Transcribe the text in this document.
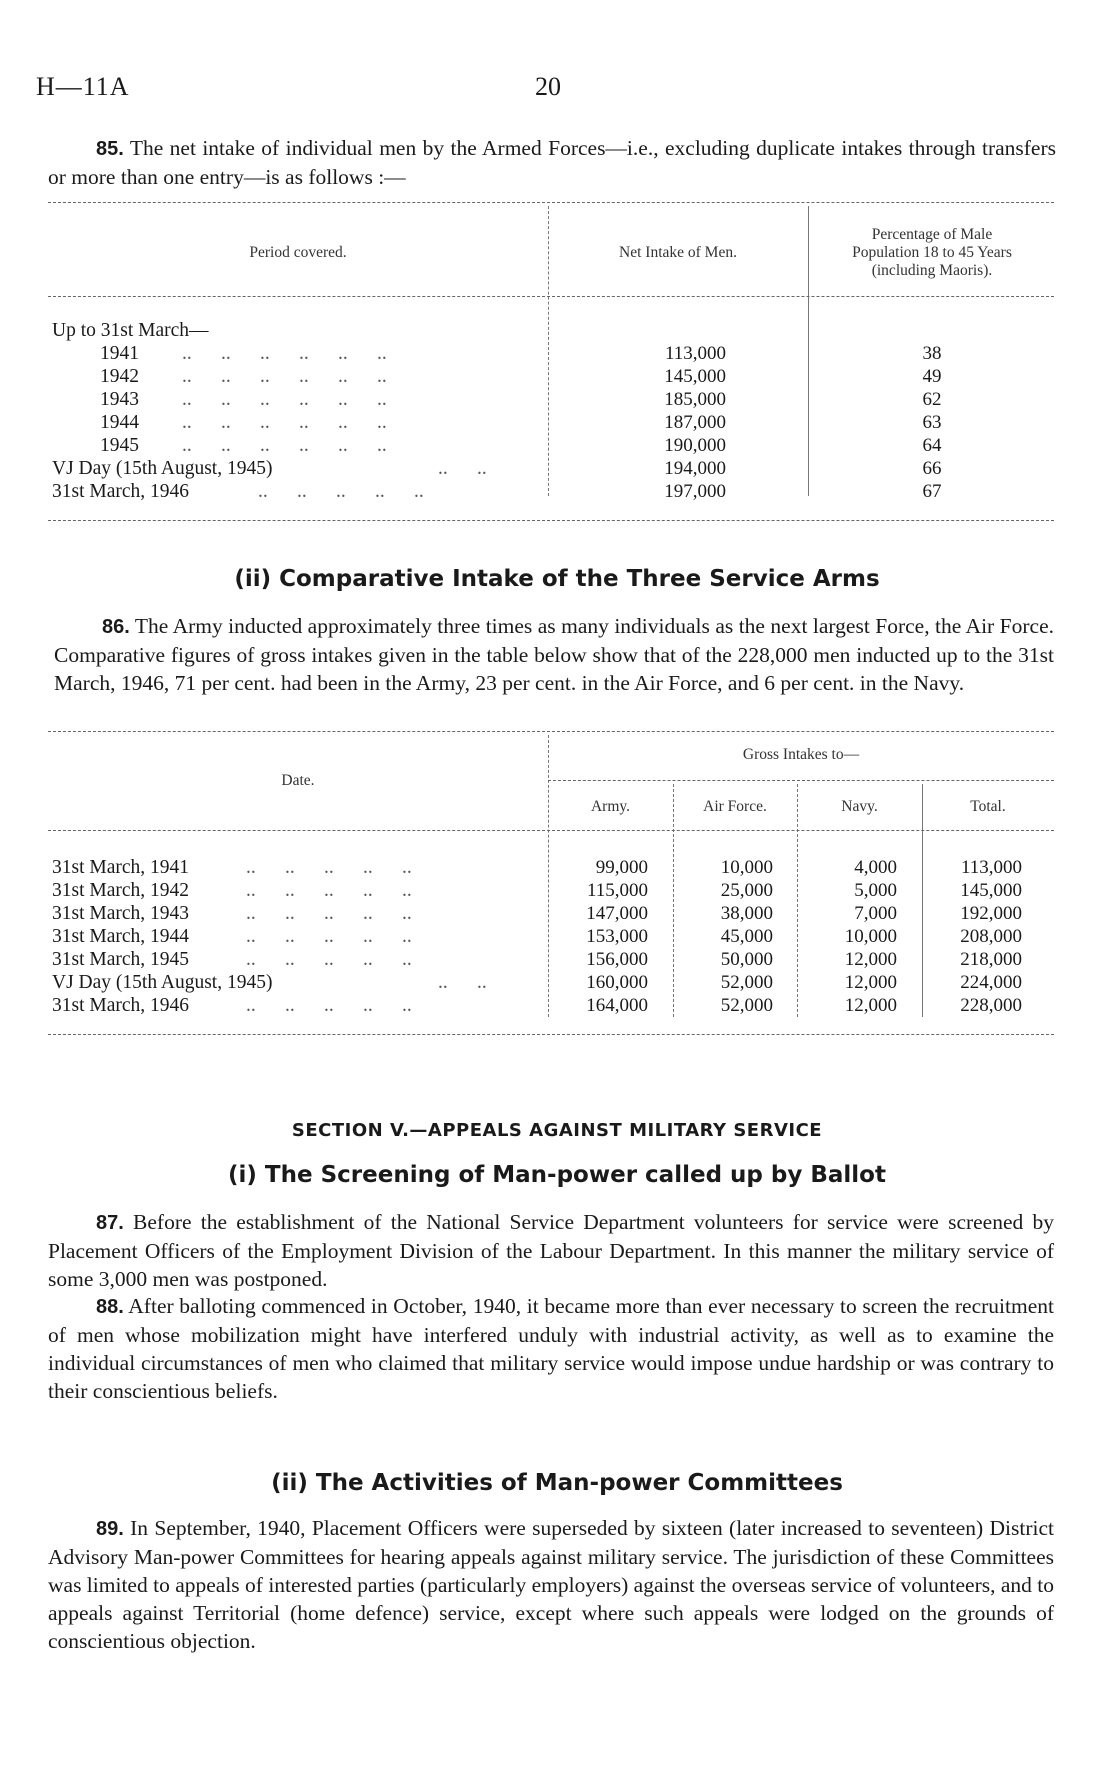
H—11A	20
85. The net intake of individual men by the Armed Forces—i.e., excluding duplicate intakes through transfers or more than one entry—is as follows :—
Period covered.	Net Intake of Men.
Percentage of Male
Population 18 to 45 Years
(including Maoris).
Up to 31st March—
1941 ..      ..      ..      ..      ..      ..	113,000	38
1942 ..      ..      ..      ..      ..      ..	145,000	49
1943 ..      ..      ..      ..      ..      ..	185,000	62
1944 ..      ..      ..      ..      ..      ..	187,000	63
1945 ..      ..      ..      ..      ..      ..	190,000	64
VJ Day (15th August, 1945)	..      ..	194,000	66
31st March, 1946	..      ..      ..      ..      ..	197,000	67
(ii) Comparative Intake of the Three Service Arms
86. The Army inducted approximately three times as many individuals as the next largest Force, the Air Force. Comparative figures of gross intakes given in the table below show that of the 228,000 men inducted up to the 31st March, 1946, 71 per cent. had been in the Army, 23 per cent. in the Air Force, and 6 per cent. in the Navy.
Date.
Gross Intakes to—
Army.	Air Force.	Navy.	Total.
31st March, 1941	..      ..      ..      ..      ..	99,000	10,000	4,000	113,000
31st March, 1942	..      ..      ..      ..      ..	115,000	25,000	5,000	145,000
31st March, 1943	..      ..      ..      ..      ..	147,000	38,000	7,000	192,000
31st March, 1944	..      ..      ..      ..      ..	153,000	45,000	10,000	208,000
31st March, 1945	..      ..      ..      ..      ..	156,000	50,000	12,000	218,000
VJ Day (15th August, 1945)	..      ..	160,000	52,000	12,000	224,000
31st March, 1946	..      ..      ..      ..      ..	164,000	52,000	12,000	228,000
SECTION V.—APPEALS AGAINST MILITARY SERVICE
(i) The Screening of Man-power called up by Ballot
87. Before the establishment of the National Service Department volunteers for service were screened by Placement Officers of the Employment Division of the Labour Department. In this manner the military service of some 3,000 men was postponed.
88. After balloting commenced in October, 1940, it became more than ever necessary to screen the recruitment of men whose mobilization might have interfered unduly with industrial activity, as well as to examine the individual circumstances of men who claimed that military service would impose undue hardship or was contrary to their conscientious beliefs.
(ii) The Activities of Man-power Committees
89. In September, 1940, Placement Officers were superseded by sixteen (later increased to seventeen) District Advisory Man-power Committees for hearing appeals against military service. The jurisdiction of these Committees was limited to appeals of interested parties (particularly employers) against the overseas service of volunteers, and to appeals against Territorial (home defence) service, except where such appeals were lodged on the grounds of conscientious objection.
